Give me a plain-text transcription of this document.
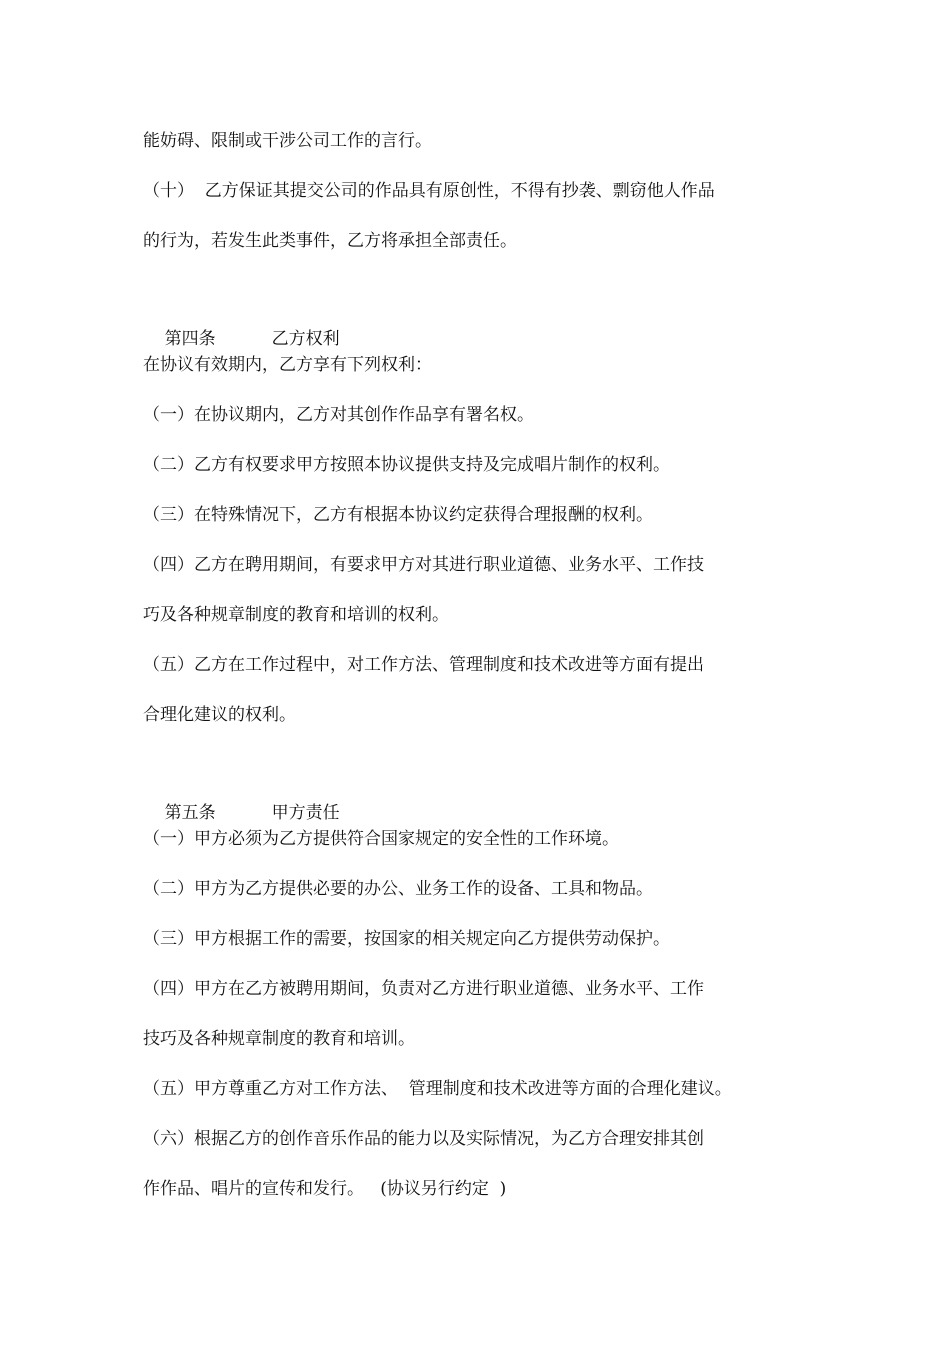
能妨碍、限制或干涉公司工作的言行。
（十）  乙方保证其提交公司的作品具有原创性，不得有抄袭、剽窃他人作品
的行为，若发生此类事件，乙方将承担全部责任。

第四条	乙方权利

在协议有效期内，乙方享有下列权利：
（一）在协议期内，乙方对其创作作品享有署名权。
（二）乙方有权要求甲方按照本协议提供支持及完成唱片制作的权利。
（三）在特殊情况下，乙方有根据本协议约定获得合理报酬的权利。
（四）乙方在聘用期间，有要求甲方对其进行职业道德、业务水平、工作技
巧及各种规章制度的教育和培训的权利。
（五）乙方在工作过程中，对工作方法、管理制度和技术改进等方面有提出
合理化建议的权利。

第五条	甲方责任

（一）甲方必须为乙方提供符合国家规定的安全性的工作环境。
（二）甲方为乙方提供必要的办公、业务工作的设备、工具和物品。
（三）甲方根据工作的需要，按国家的相关规定向乙方提供劳动保护。
（四）甲方在乙方被聘用期间，负责对乙方进行职业道德、业务水平、工作
技巧及各种规章制度的教育和培训。
（五）甲方尊重乙方对工作方法、  管理制度和技术改进等方面的合理化建议。
（六）根据乙方的创作音乐作品的能力以及实际情况，为乙方合理安排其创
作作品、唱片的宣传和发行。   (协议另行约定  )
